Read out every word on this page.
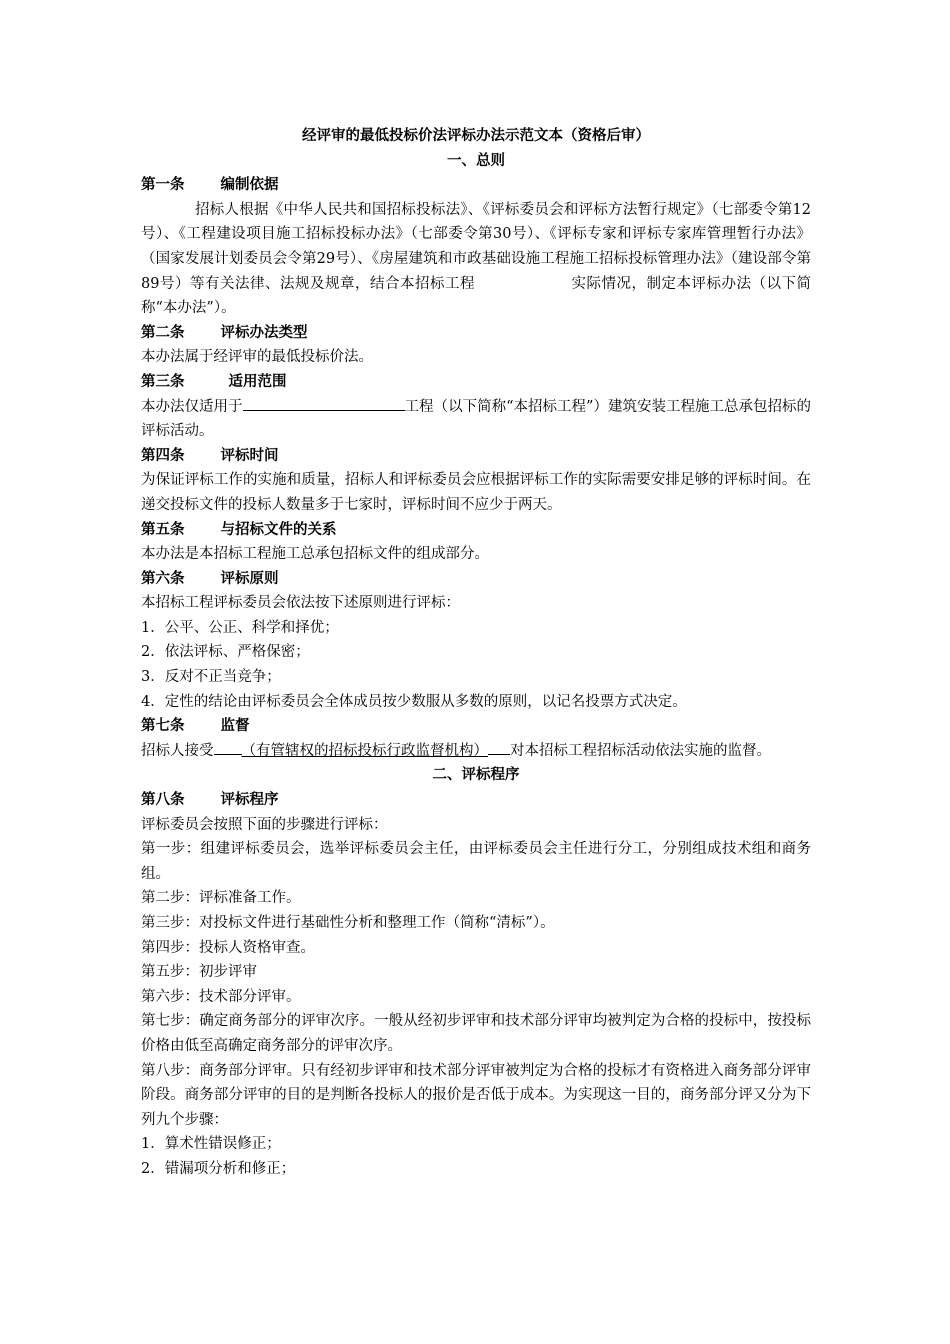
经评审的最低投标价法评标办法示范文本（资格后审）
一、总则
第一条 编制依据

招标人根据《中华人民共和国招标投标法》、《评标委员会和评标方法暂行规定》（七部委令第12号）、《工程建设项目施工招标投标办法》（七部委令第30号）、《评标专家和评标专家库管理暂行办法》（国家发展计划委员会令第29号）、《房屋建筑和市政基础设施工程施工招标投标管理办法》（建设部令第89号）等有关法律、法规及规章，结合本招标工程	实际情况，制定本评标办法（以下简称“本办法”）。

第二条 评标办法类型

本办法属于经评审的最低投标价法。

第三条	适用范围

本办法仅适用于	工程（以下简称“本招标工程”）建筑安装工程施工总承包招标的评标活动。

第四条 评标时间

为保证评标工作的实施和质量，招标人和评标委员会应根据评标工作的实际需要安排足够的评标时间。在递交投标文件的投标人数量多于七家时，评标时间不应少于两天。

第五条 与招标文件的关系

本办法是本招标工程施工总承包招标文件的组成部分。

第六条 评标原则

本招标工程评标委员会依法按下述原则进行评标：

1．公平、公正、科学和择优；

2．依法评标、严格保密；

3．反对不正当竞争；

4．定性的结论由评标委员会全体成员按少数服从多数的原则，以记名投票方式决定。

第七条 监督

招标人接受 （有管辖权的招标投标行政监督机构） 对本招标工程招标活动依法实施的监督。

二、评标程序
第八条 评标程序

评标委员会按照下面的步骤进行评标：

第一步：组建评标委员会，选举评标委员会主任，由评标委员会主任进行分工，分别组成技术组和商务组。

第二步：评标准备工作。

第三步：对投标文件进行基础性分析和整理工作（简称“清标”）。

第四步：投标人资格审查。

第五步：初步评审

第六步：技术部分评审。

第七步：确定商务部分的评审次序。一般从经初步评审和技术部分评审均被判定为合格的投标中，按投标价格由低至高确定商务部分的评审次序。

第八步：商务部分评审。只有经初步评审和技术部分评审被判定为合格的投标才有资格进入商务部分评审阶段。商务部分评审的目的是判断各投标人的报价是否低于成本。为实现这一目的，商务部分评又分为下列九个步骤：

1．算术性错误修正；

2．错漏项分析和修正；
